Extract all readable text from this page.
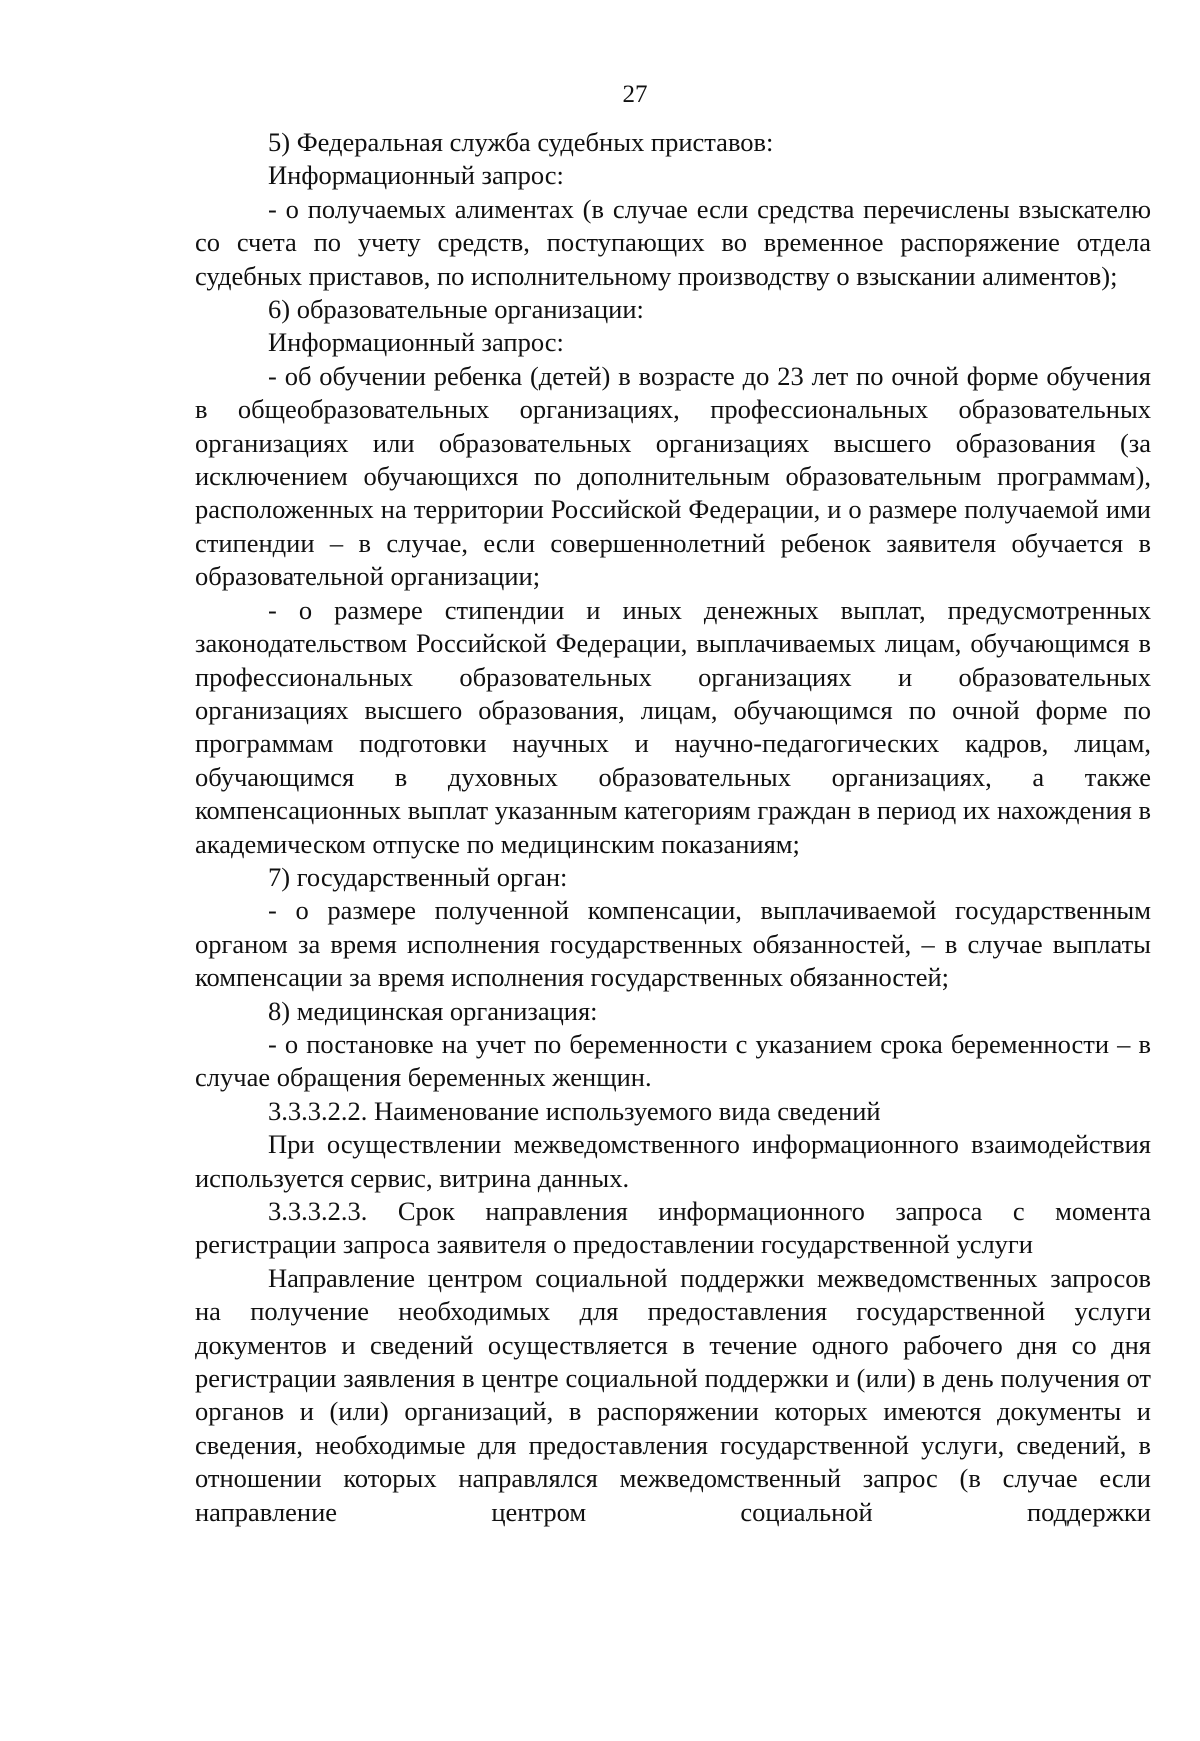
27

5) Федеральная служба судебных приставов:

Информационный запрос:

- о получаемых алиментах (в случае если средства перечислены взыскателю со счета по учету средств, поступающих во временное распоряжение отдела судебных приставов, по исполнительному производству о взыскании алиментов);

6) образовательные организации:

Информационный запрос:

- об обучении ребенка (детей) в возрасте до 23 лет по очной форме обучения в общеобразовательных организациях, профессиональных образовательных организациях или образовательных организациях высшего образования (за исключением обучающихся по дополнительным образовательным программам), расположенных на территории Российской Федерации, и о размере получаемой ими стипендии – в случае, если совершеннолетний ребенок заявителя обучается в образовательной организации;

- о размере стипендии и иных денежных выплат, предусмотренных законодательством Российской Федерации, выплачиваемых лицам, обучающимся в профессиональных образовательных организациях и образовательных организациях высшего образования, лицам, обучающимся по очной форме по программам подготовки научных и научно-педагогических кадров, лицам, обучающимся в духовных образовательных организациях, а также компенсационных выплат указанным категориям граждан в период их нахождения в академическом отпуске по медицинским показаниям;

7) государственный орган:

- о размере полученной компенсации, выплачиваемой государственным органом за время исполнения государственных обязанностей, – в случае выплаты компенсации за время исполнения государственных обязанностей;

8) медицинская организация:

- о постановке на учет по беременности с указанием срока беременности – в случае обращения беременных женщин.

3.3.3.2.2. Наименование используемого вида сведений

При осуществлении межведомственного информационного взаимодействия используется сервис, витрина данных.

3.3.3.2.3. Срок направления информационного запроса с момента регистрации запроса заявителя о предоставлении государственной услуги

Направление центром социальной поддержки межведомственных запросов на получение необходимых для предоставления государственной услуги документов и сведений осуществляется в течение одного рабочего дня со дня регистрации заявления в центре социальной поддержки и (или) в день получения от органов и (или) организаций, в распоряжении которых имеются документы и сведения, необходимые для предоставления государственной услуги, сведений, в отношении которых направлялся межведомственный запрос (в случае если направление центром социальной поддержки
